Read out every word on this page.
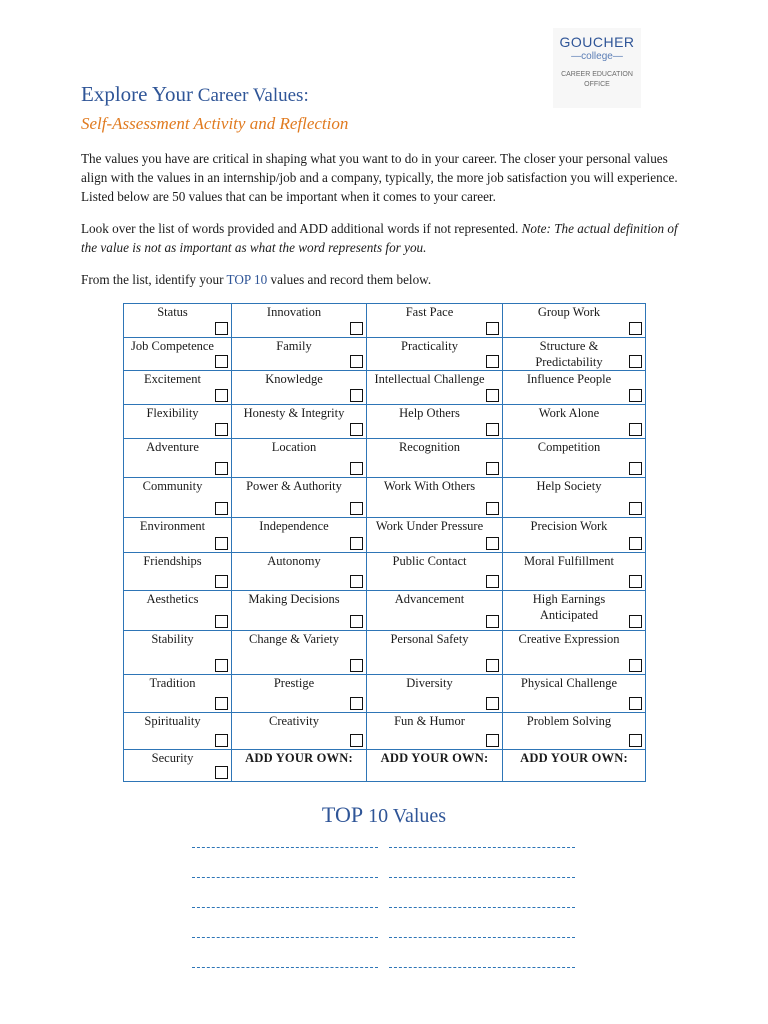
GOUCHER
—college—
CAREER EDUCATION
OFFICE
Explore Your Career Values:
Self-Assessment Activity and Reflection

The values you have are critical in shaping what you want to do in your career. The closer your personal values align with the values in an internship/job and a company, typically, the more job satisfaction you will experience. Listed below are 50 values that can be important when it comes to your career.

Look over the list of words provided and ADD additional words if not represented. Note: The actual definition of the value is not as important as what the word represents for you.

From the list, identify your TOP 10 values and record them below.

Status	Innovation	Fast Pace	Group Work

Job Competence	Family	Practicality	Structure & Predictability

Excitement	Knowledge	Intellectual Challenge	Influence People

Flexibility	Honesty & Integrity	Help Others	Work Alone

Adventure	Location	Recognition	Competition

Community	Power & Authority	Work With Others	Help Society

Environment	Independence	Work Under Pressure	Precision Work

Friendships	Autonomy	Public Contact	Moral Fulfillment

Aesthetics	Making Decisions	Advancement	High Earnings Anticipated

Stability	Change & Variety	Personal Safety	Creative Expression

Tradition	Prestige	Diversity	Physical Challenge

Spirituality	Creativity	Fun & Humor	Problem Solving

Security	ADD YOUR OWN:	ADD YOUR OWN:	ADD YOUR OWN:
TOP 10 Values
